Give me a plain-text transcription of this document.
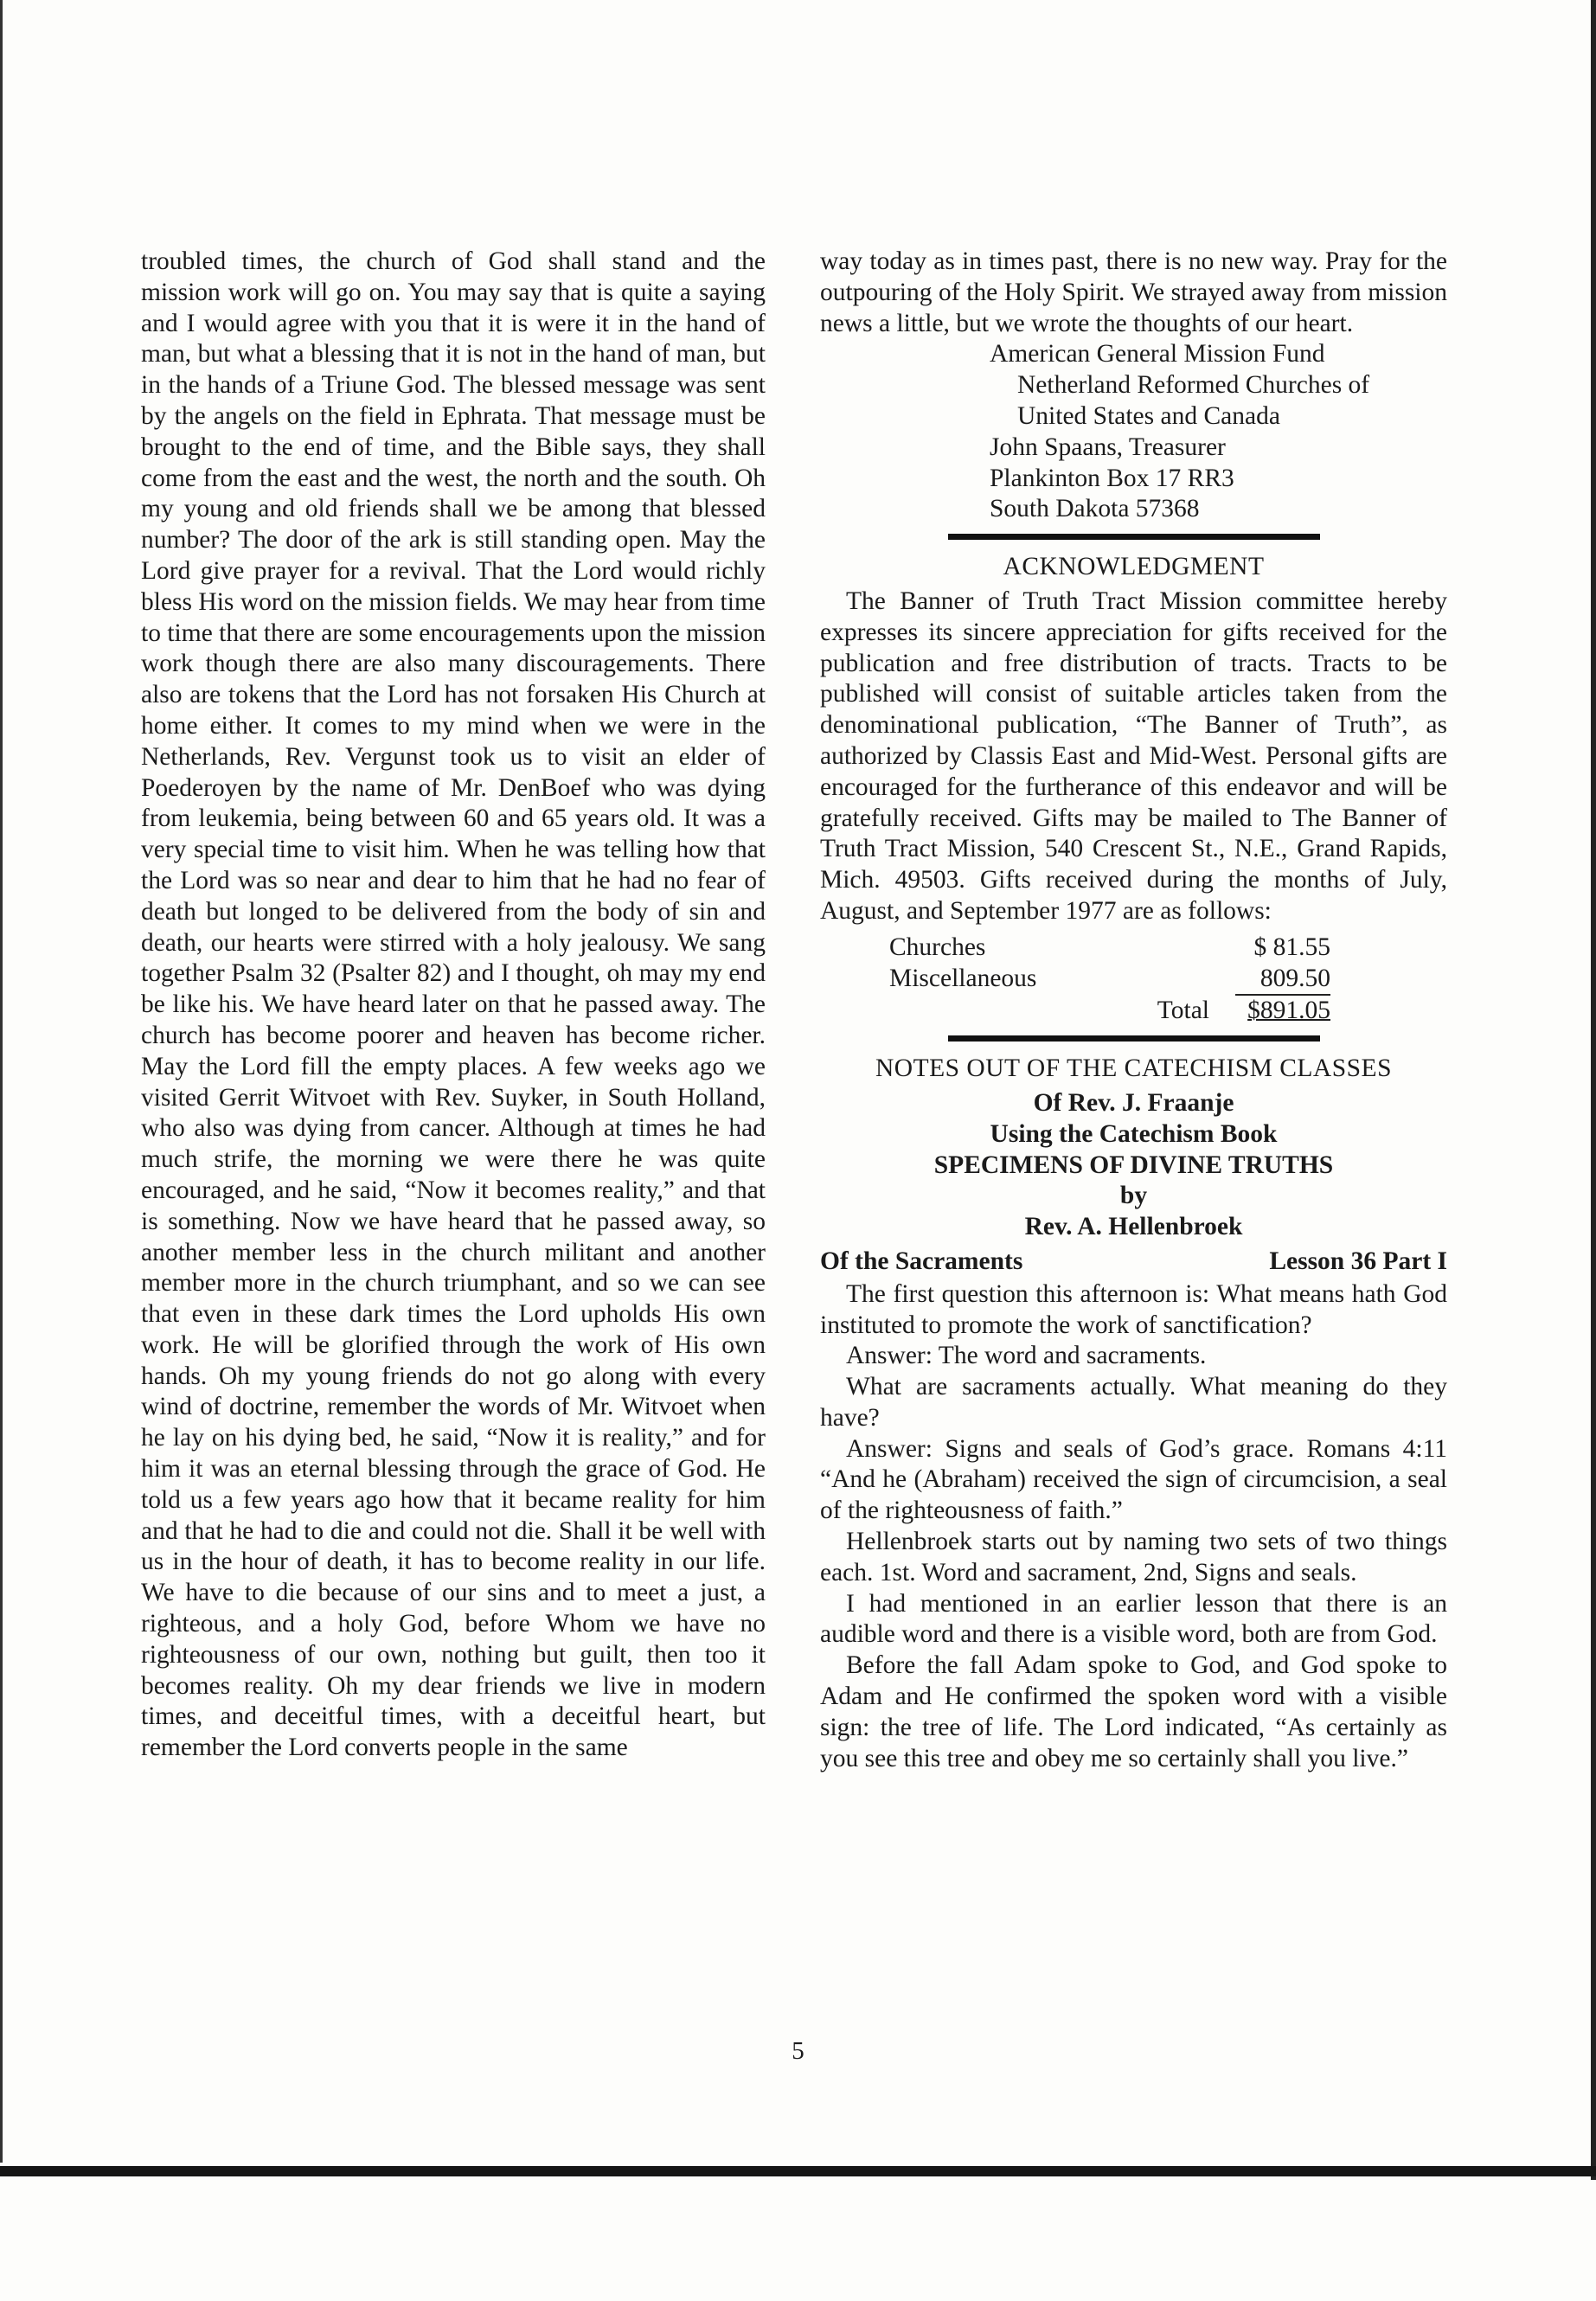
troubled times, the church of God shall stand and the mission work will go on. You may say that is quite a saying and I would agree with you that it is were it in the hand of man, but what a blessing that it is not in the hand of man, but in the hands of a Triune God. The blessed message was sent by the angels on the field in Ephrata. That message must be brought to the end of time, and the Bible says, they shall come from the east and the west, the north and the south. Oh my young and old friends shall we be among that blessed number? The door of the ark is still standing open. May the Lord give prayer for a revival. That the Lord would richly bless His word on the mission fields. We may hear from time to time that there are some encouragements upon the mission work though there are also many discouragements. There also are tokens that the Lord has not forsaken His Church at home either. It comes to my mind when we were in the Netherlands, Rev. Vergunst took us to visit an elder of Poederoyen by the name of Mr. DenBoef who was dying from leukemia, being between 60 and 65 years old. It was a very special time to visit him. When he was telling how that the Lord was so near and dear to him that he had no fear of death but longed to be delivered from the body of sin and death, our hearts were stirred with a holy jealousy. We sang together Psalm 32 (Psalter 82) and I thought, oh may my end be like his. We have heard later on that he passed away. The church has become poorer and heaven has become richer. May the Lord fill the empty places. A few weeks ago we visited Gerrit Witvoet with Rev. Suyker, in South Holland, who also was dying from cancer. Although at times he had much strife, the morning we were there he was quite encouraged, and he said, “Now it becomes reality,” and that is something. Now we have heard that he passed away, so another member less in the church militant and another member more in the church triumphant, and so we can see that even in these dark times the Lord upholds His own work. He will be glorified through the work of His own hands. Oh my young friends do not go along with every wind of doctrine, remember the words of Mr. Witvoet when he lay on his dying bed, he said, “Now it is reality,” and for him it was an eternal blessing through the grace of God. He told us a few years ago how that it became reality for him and that he had to die and could not die. Shall it be well with us in the hour of death, it has to become reality in our life. We have to die because of our sins and to meet a just, a righteous, and a holy God, before Whom we have no righteousness of our own, nothing but guilt, then too it becomes reality. Oh my dear friends we live in modern times, and deceitful times, with a deceitful heart, but remember the Lord converts people in the same

way today as in times past, there is no new way. Pray for the outpouring of the Holy Spirit. We strayed away from mission news a little, but we wrote the thoughts of our heart.

American General Mission Fund
Netherland Reformed Churches of
United States and Canada
John Spaans, Treasurer
Plankinton Box 17 RR3
South Dakota 57368
ACKNOWLEDGMENT

The Banner of Truth Tract Mission committee hereby expresses its sincere appreciation for gifts received for the publication and free distribution of tracts. Tracts to be published will consist of suitable articles taken from the denominational publication, “The Banner of Truth”, as authorized by Classis East and Mid-West. Personal gifts are encouraged for the furtherance of this endeavor and will be gratefully received. Gifts may be mailed to The Banner of Truth Tract Mission, 540 Crescent St., N.E., Grand Rapids, Mich. 49503. Gifts received during the months of July, August, and September 1977 are as follows:

Churches	$ 81.55
Miscellaneous	809.50
Total	$891.05
NOTES OUT OF THE CATECHISM CLASSES
Of Rev. J. Fraanje
Using the Catechism Book
SPECIMENS OF DIVINE TRUTHS
by
Rev. A. Hellenbroek
Of the Sacraments	Lesson 36 Part I

The first question this afternoon is: What means hath God instituted to promote the work of sanctification?

Answer: The word and sacraments.

What are sacraments actually. What meaning do they have?

Answer: Signs and seals of God’s grace. Romans 4:11 “And he (Abraham) received the sign of circumcision, a seal of the righteousness of faith.”

Hellenbroek starts out by naming two sets of two things each. 1st. Word and sacrament, 2nd, Signs and seals.

I had mentioned in an earlier lesson that there is an audible word and there is a visible word, both are from God.

Before the fall Adam spoke to God, and God spoke to Adam and He confirmed the spoken word with a visible sign: the tree of life. The Lord indicated, “As certainly as you see this tree and obey me so certainly shall you live.”

5
